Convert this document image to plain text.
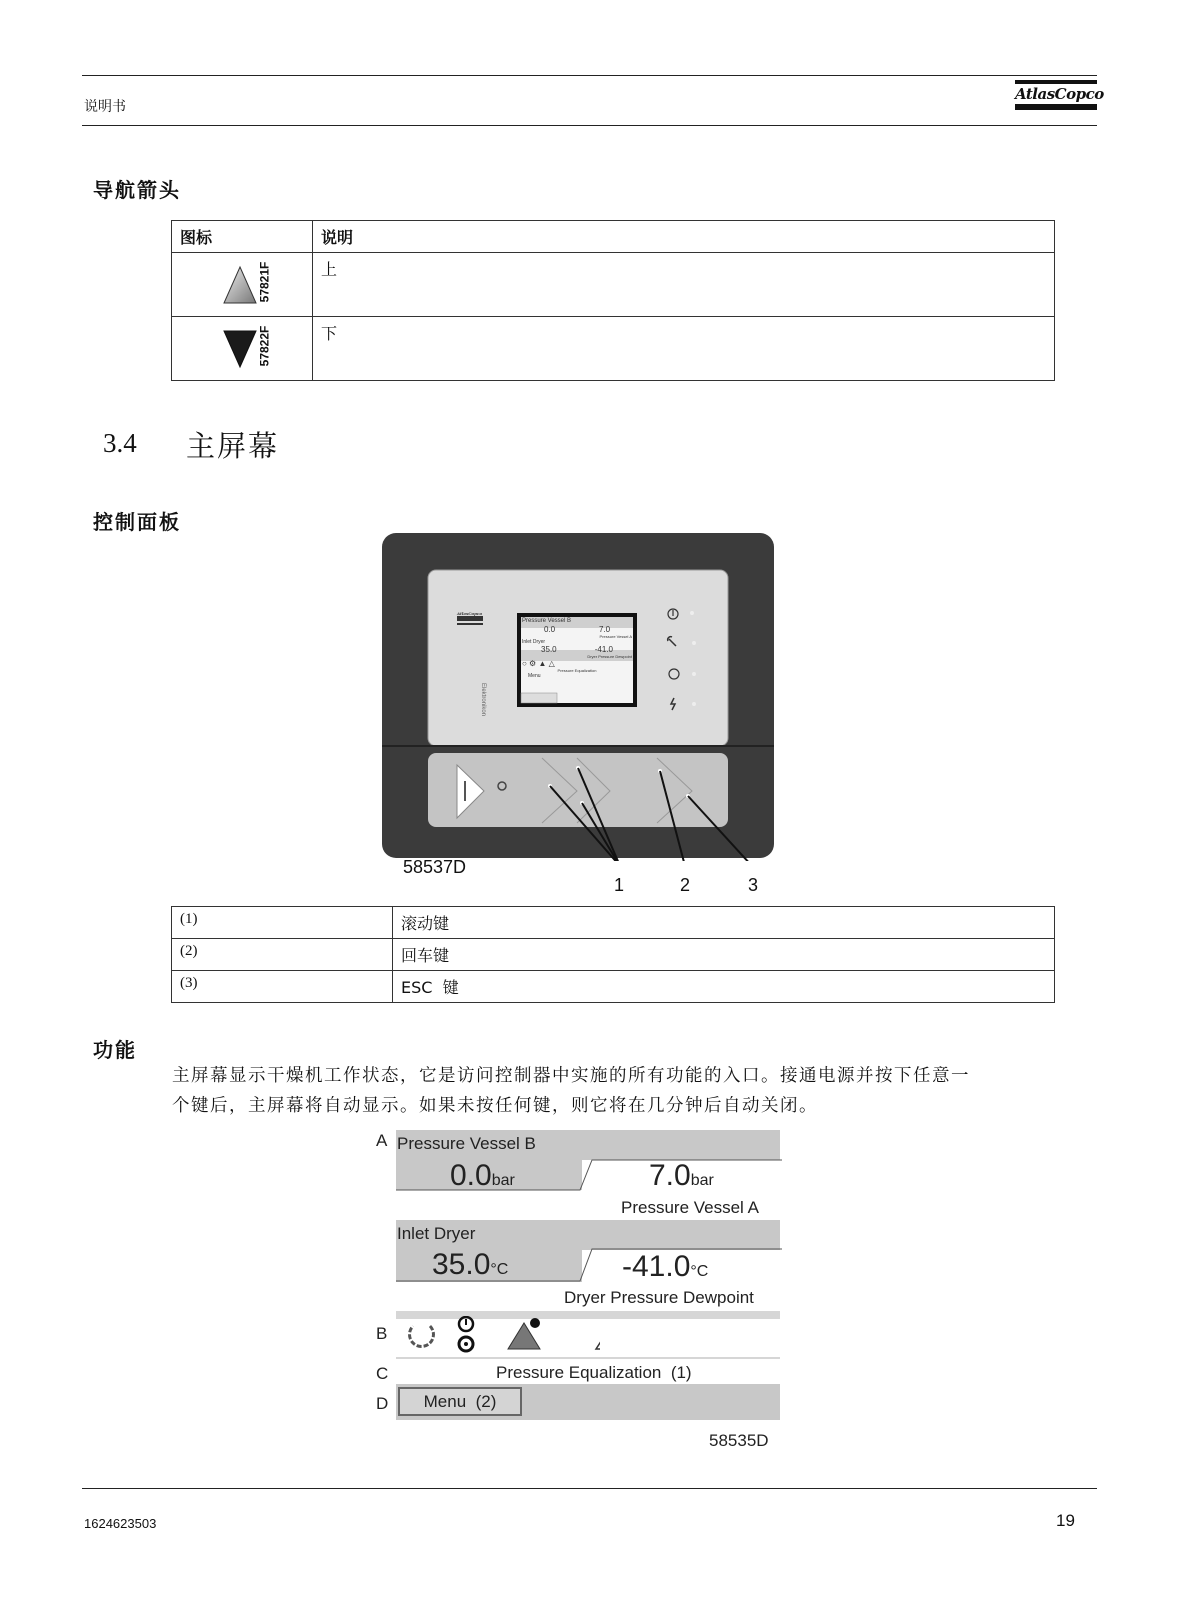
说明书
AtlasCopco
导航箭头
图标	说明

57821F	上

57822F	下
3.4 主屏幕
控制面板
Elektronikon
AtlasCopco
Pressure Vessel B
0.0	7.0
Pressure Vessel A
Inlet Dryer
35.0	-41.0
Dryer Pressure Dewpoint
○ ⚙ ▲ △
Pressure Equalization
Menu
58537D
1	2	3
(1)	滚动键
(2)	回车键
(3)	ESC  键
功能
主屏幕显示干燥机工作状态，它是访问控制器中实施的所有功能的入口。接通电源并按下任意一
个键后，主屏幕将自动显示。如果未按任何键，则它将在几分钟后自动关闭。
A Pressure Vessel B
0.0bar	7.0bar
Pressure Vessel A
Inlet Dryer
35.0°C	-41.0°C
Dryer Pressure Dewpoint
B
C	Pressure Equalization  (1)
D	Menu  (2)
58535D
1624623503	19
